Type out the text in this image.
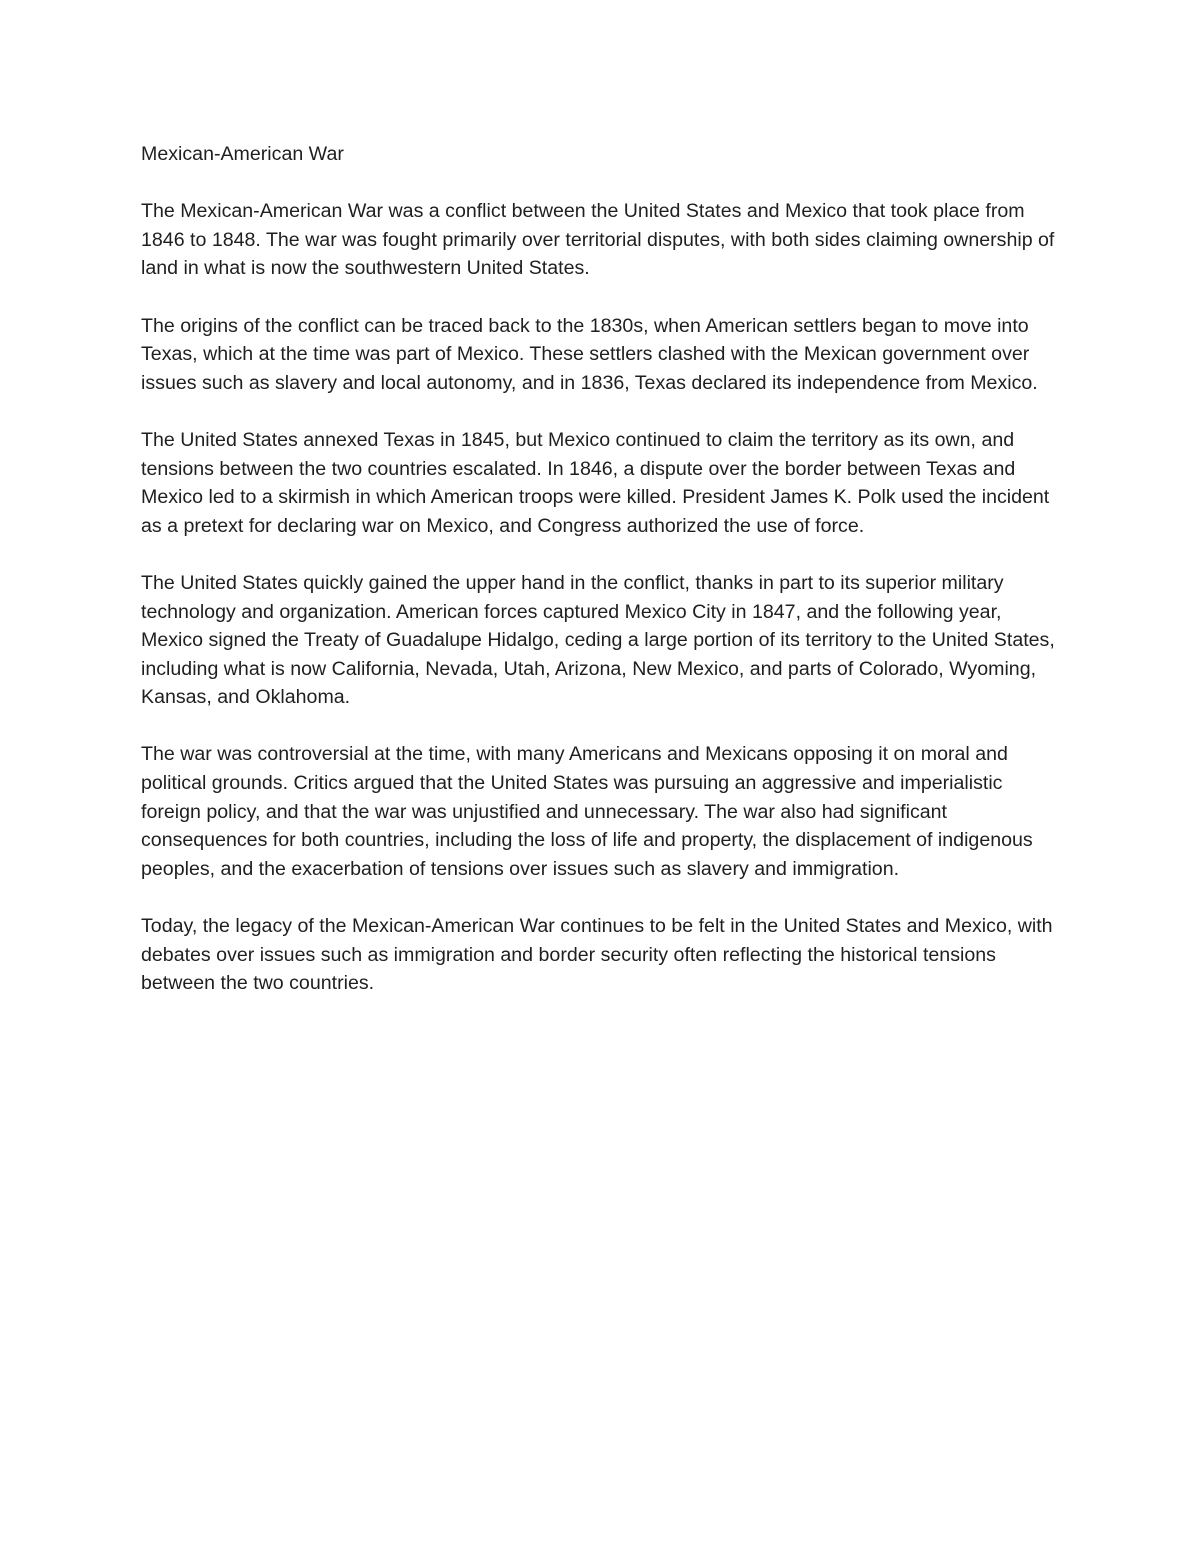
Mexican-American War

The Mexican-American War was a conflict between the United States and Mexico that took place from 1846 to 1848. The war was fought primarily over territorial disputes, with both sides claiming ownership of land in what is now the southwestern United States.

The origins of the conflict can be traced back to the 1830s, when American settlers began to move into Texas, which at the time was part of Mexico. These settlers clashed with the Mexican government over issues such as slavery and local autonomy, and in 1836, Texas declared its independence from Mexico.

The United States annexed Texas in 1845, but Mexico continued to claim the territory as its own, and tensions between the two countries escalated. In 1846, a dispute over the border between Texas and Mexico led to a skirmish in which American troops were killed. President James K. Polk used the incident as a pretext for declaring war on Mexico, and Congress authorized the use of force.

The United States quickly gained the upper hand in the conflict, thanks in part to its superior military technology and organization. American forces captured Mexico City in 1847, and the following year, Mexico signed the Treaty of Guadalupe Hidalgo, ceding a large portion of its territory to the United States, including what is now California, Nevada, Utah, Arizona, New Mexico, and parts of Colorado, Wyoming, Kansas, and Oklahoma.

The war was controversial at the time, with many Americans and Mexicans opposing it on moral and political grounds. Critics argued that the United States was pursuing an aggressive and imperialistic foreign policy, and that the war was unjustified and unnecessary. The war also had significant consequences for both countries, including the loss of life and property, the displacement of indigenous peoples, and the exacerbation of tensions over issues such as slavery and immigration.

Today, the legacy of the Mexican-American War continues to be felt in the United States and Mexico, with debates over issues such as immigration and border security often reflecting the historical tensions between the two countries.
